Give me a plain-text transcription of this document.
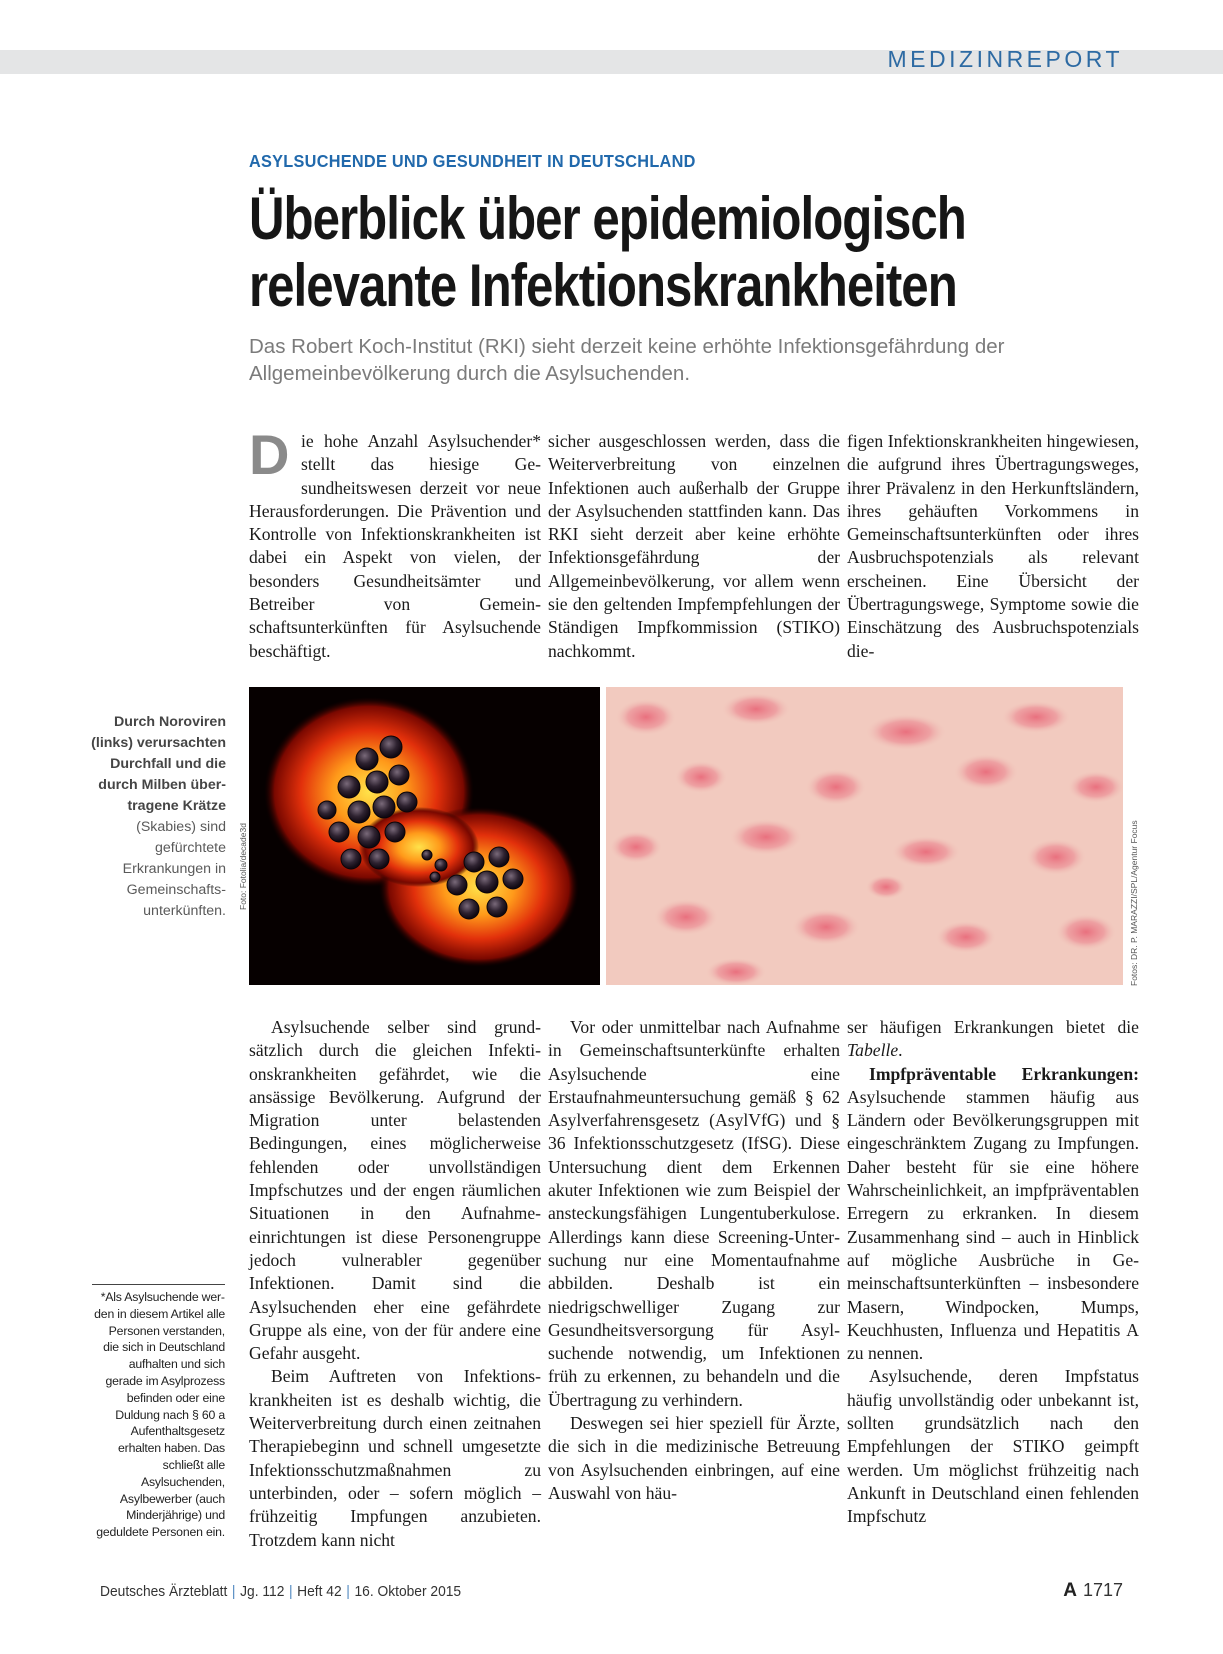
MEDIZINREPORT
ASYLSUCHENDE UND GESUNDHEIT IN DEUTSCHLAND
Überblick über epidemiologisch
relevante Infektionskrankheiten
Das Robert Koch-Institut (RKI) sieht derzeit keine erhöhte Infektionsgefährdung der Allgemeinbevölkerung durch die Asylsuchenden.
D ie hohe Anzahl Asylsuchender* stellt das hiesige Gesundheitswesen derzeit vor neue Herausforderungen. Die Prävention und Kontrolle von Infektionskrankheiten ist dabei ein Aspekt von vielen, der besonders Gesundheitsämter und Betreiber von Gemeinschaftsunterkünften für Asylsuchende beschäftigt.

sicher ausgeschlossen werden, dass die Weiterverbreitung von einzelnen Infektionen auch außerhalb der Gruppe der Asylsuchenden stattfinden kann. Das RKI sieht derzeit aber keine erhöhte Infektionsgefährdung der Allgemeinbevölkerung, vor allem wenn sie den geltenden Impfempfehlungen der Ständigen Impfkommission (STIKO) nachkommt.

figen Infektionskrankheiten hingewiesen, die aufgrund ihres Übertragungsweges, ihrer Prävalenz in den Herkunftsländern, ihres gehäuften Vorkommens in Gemeinschaftsunterkünften oder ihres Ausbruchspotenzials als relevant erscheinen. Eine Übersicht der Übertragungswege, Symptome sowie die Einschätzung des Ausbruchspotenzials die-

Foto: Fotolia/decade3d	Fotos: DR. P. MARAZZI/SPL/Agentur Focus
Durch Noroviren (links) verursachten Durchfall und die durch Milben übertragene Krätze (Skabies) sind gefürchtete Erkrankungen in Gemeinschaftsunterkünften.

Asylsuchende selber sind grundsätzlich durch die gleichen Infektionskrankheiten gefährdet, wie die ansässige Bevölkerung. Aufgrund der Migration unter belastenden Bedingungen, eines möglicherweise fehlenden oder unvollständigen Impfschutzes und der engen räumlichen Situationen in den Aufnahmeeinrichtungen ist diese Personengruppe jedoch vulnerabler gegenüber Infektionen. Damit sind die Asylsuchenden eher eine gefährdete Gruppe als eine, von der für andere eine Gefahr ausgeht.

Beim Auftreten von Infektionskrankheiten ist es deshalb wichtig, die Weiterverbreitung durch einen zeitnahen Therapiebeginn und schnell umgesetzte Infektionsschutzmaßnahmen zu unterbinden, oder – sofern möglich – frühzeitig Impfungen anzubieten. Trotzdem kann nicht

Vor oder unmittelbar nach Aufnahme in Gemeinschaftsunterkünfte erhalten Asylsuchende eine Erstaufnahmeuntersuchung gemäß § 62 Asylverfahrensgesetz (AsylVfG) und § 36 Infektionsschutzgesetz (IfSG). Diese Untersuchung dient dem Erkennen akuter Infektionen wie zum Beispiel der ansteckungsfähigen Lungentuberkulose. Allerdings kann diese Screening-Untersuchung nur eine Momentaufnahme abbilden. Deshalb ist ein niedrigschwelliger Zugang zur Gesundheitsversorgung für Asylsuchende notwendig, um Infektionen früh zu erkennen, zu behandeln und die Übertragung zu verhindern.

Deswegen sei hier speziell für Ärzte, die sich in die medizinische Betreuung von Asylsuchenden einbringen, auf eine Auswahl von häu-

ser häufigen Erkrankungen bietet die Tabelle.

Impfpräventable Erkrankungen: Asylsuchende stammen häufig aus Ländern oder Bevölkerungsgruppen mit eingeschränktem Zugang zu Impfungen. Daher besteht für sie eine höhere Wahrscheinlichkeit, an impfpräventablen Erregern zu erkranken. In diesem Zusammenhang sind – auch in Hinblick auf mögliche Ausbrüche in Gemeinschaftsunterkünften – insbesondere Masern, Windpocken, Mumps, Keuchhusten, Influenza und Hepatitis A zu nennen.

Asylsuchende, deren Impfstatus häufig unvollständig oder unbekannt ist, sollten grundsätzlich nach den Empfehlungen der STIKO geimpft werden. Um möglichst frühzeitig nach Ankunft in Deutschland einen fehlenden Impfschutz

*Als Asylsuchende werden in diesem Artikel alle Personen verstanden, die sich in Deutschland aufhalten und sich gerade im Asylprozess befinden oder eine Duldung nach § 60 a Aufenthaltsgesetz erhalten haben. Das schließt alle Asylsuchenden, Asylbewerber (auch Minderjährige) und geduldete Personen ein.
Deutsches Ärzteblatt | Jg. 112 | Heft 42 | 16. Oktober 2015	A 1717
